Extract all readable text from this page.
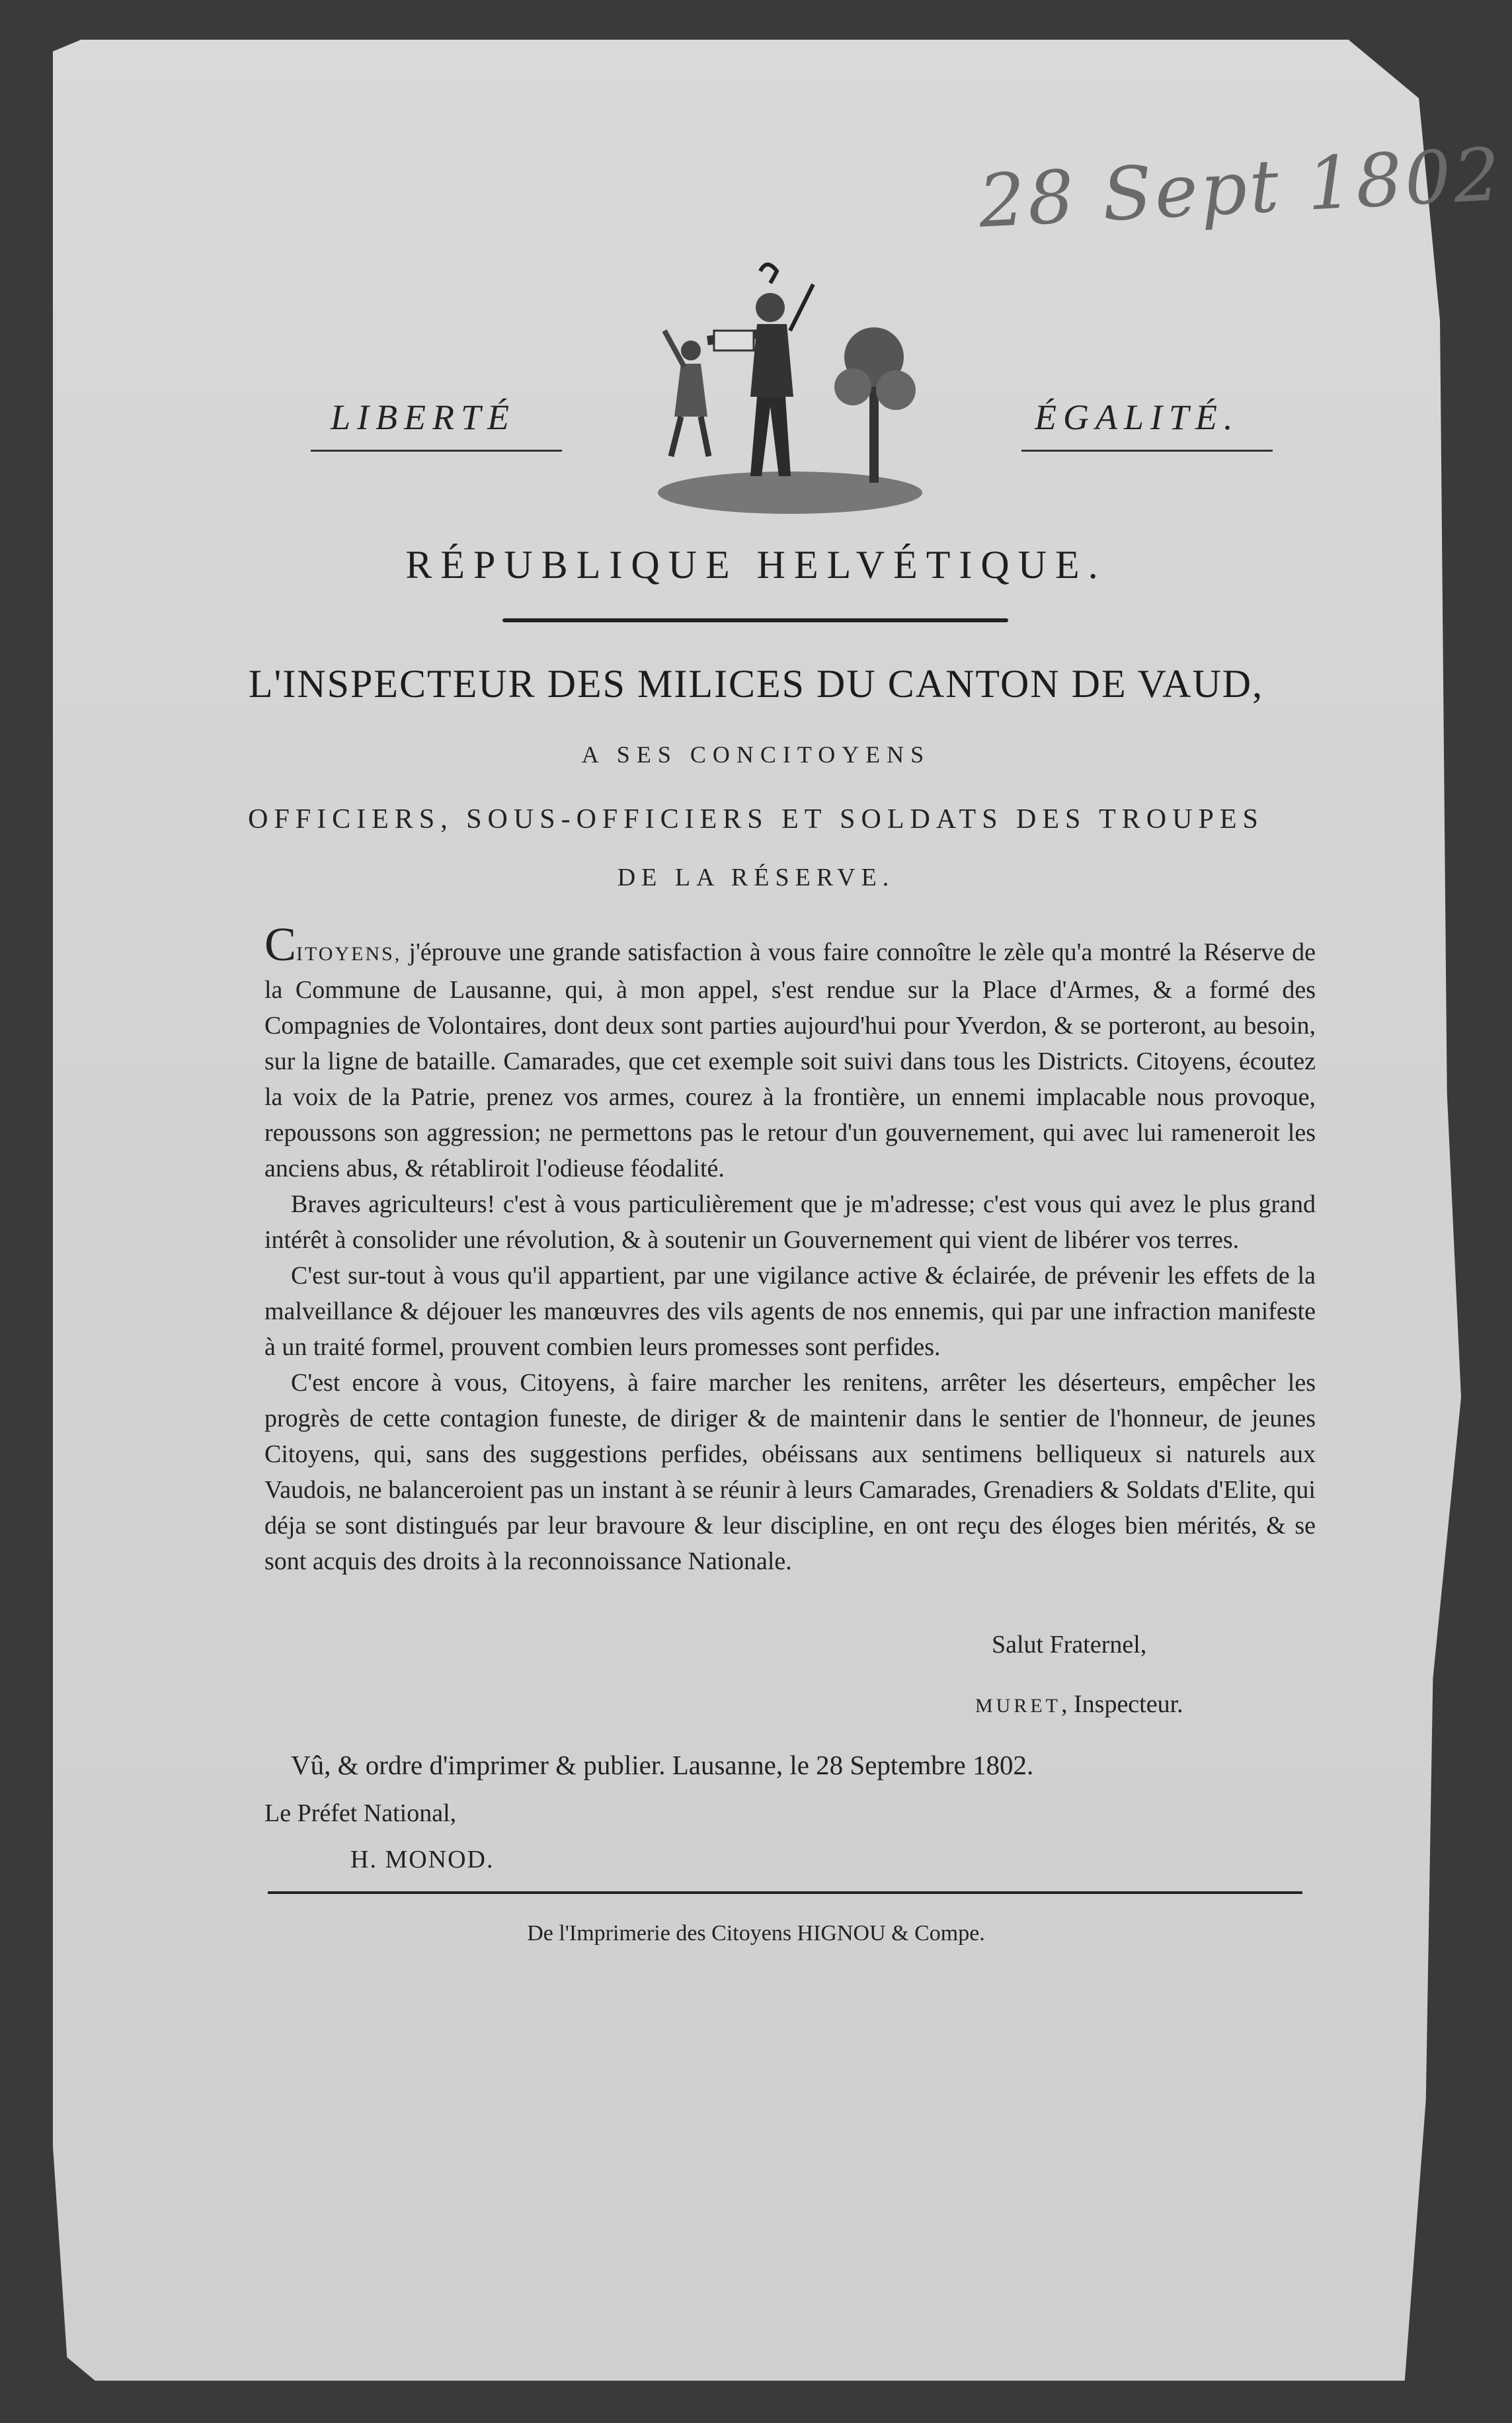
28 Sept 1802
LIBERTÉ	ÉGALITÉ.
RÉPUBLIQUE HELVÉTIQUE.
L'INSPECTEUR DES MILICES DU CANTON DE VAUD,
A SES CONCITOYENS
OFFICIERS, SOUS-OFFICIERS ET SOLDATS DES TROUPES
DE LA RÉSERVE.

CITOYENS, j'éprouve une grande satisfaction à vous faire connoître le zèle qu'a montré la Réserve de la Commune de Lausanne, qui, à mon appel, s'est rendue sur la Place d'Armes, & a formé des Compagnies de Volontaires, dont deux sont parties aujourd'hui pour Yverdon, & se porteront, au besoin, sur la ligne de bataille. Camarades, que cet exemple soit suivi dans tous les Districts. Citoyens, écoutez la voix de la Patrie, prenez vos armes, courez à la frontière, un ennemi implacable nous provoque, repoussons son aggression; ne permettons pas le retour d'un gouvernement, qui avec lui rameneroit les anciens abus, & rétabliroit l'odieuse féodalité.

Braves agriculteurs! c'est à vous particulièrement que je m'adresse; c'est vous qui avez le plus grand intérêt à consolider une révolution, & à soutenir un Gouvernement qui vient de libérer vos terres.

C'est sur-tout à vous qu'il appartient, par une vigilance active & éclairée, de prévenir les effets de la malveillance & déjouer les manœuvres des vils agents de nos ennemis, qui par une infraction manifeste à un traité formel, prouvent combien leurs promesses sont perfides.

C'est encore à vous, Citoyens, à faire marcher les renitens, arrêter les déserteurs, empêcher les progrès de cette contagion funeste, de diriger & de maintenir dans le sentier de l'honneur, de jeunes Citoyens, qui, sans des suggestions perfides, obéissans aux sentimens belliqueux si naturels aux Vaudois, ne balanceroient pas un instant à se réunir à leurs Camarades, Grenadiers & Soldats d'Elite, qui déja se sont distingués par leur bravoure & leur discipline, en ont reçu des éloges bien mérités, & se sont acquis des droits à la reconnoissance Nationale.

Salut Fraternel,
MURET, Inspecteur.
Vû, & ordre d'imprimer & publier. Lausanne, le 28 Septembre 1802.
Le Préfet National,
H. MONOD.
De l'Imprimerie des Citoyens HIGNOU & Compe.
